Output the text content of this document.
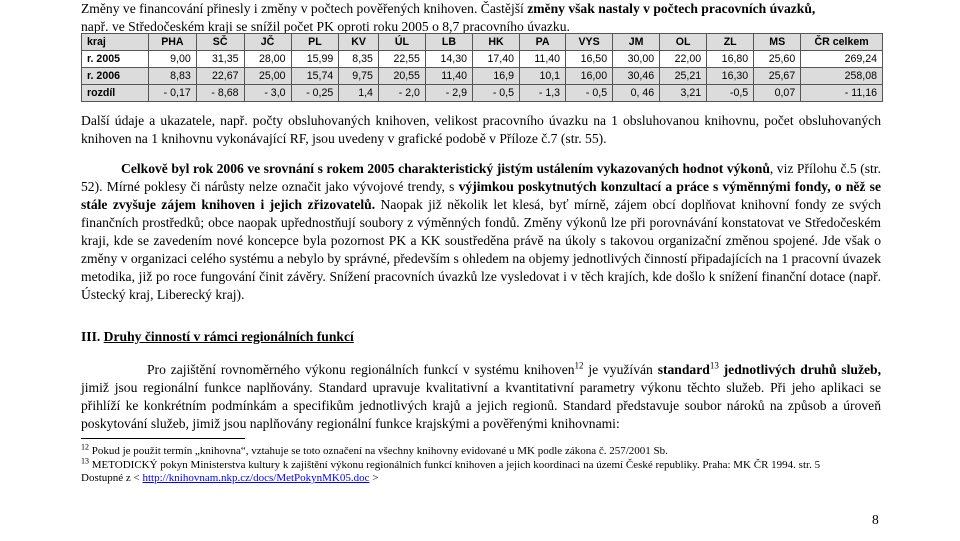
Změny ve financování přinesly i změny v počtech pověřených knihoven. Častější změny však nastaly v počtech pracovních úvazků,
např. ve Středočeském kraji se snížil počet PK oproti roku 2005 o 8,7 pracovního úvazku.
kraj	PHA	SČ	JČ	PL	KV	ÚL	LB	HK	PA	VYS	JM	OL	ZL	MS	ČR celkem
r. 2005	9,00	31,35	28,00	15,99	8,35	22,55	14,30	17,40	11,40	16,50	30,00	22,00	16,80	25,60	269,24
r. 2006	8,83	22,67	25,00	15,74	9,75	20,55	11,40	16,9	10,1	16,00	30,46	25,21	16,30	25,67	258,08
rozdíl	- 0,17	- 8,68	- 3,0	- 0,25	1,4	- 2,0	- 2,9	- 0,5	- 1,3	- 0,5	0, 46	3,21	-0,5	0,07	- 11,16
Další údaje a ukazatele, např. počty obsluhovaných knihoven, velikost pracovního úvazku na 1 obsluhovanou knihovnu, počet obsluhovaných knihoven na 1 knihovnu vykonávající RF, jsou uvedeny v grafické podobě v Příloze č.7 (str. 55).
Celkově byl rok 2006 ve srovnání s rokem 2005 charakteristický jistým ustálením vykazovaných hodnot výkonů, viz Přílohu č.5 (str. 52). Mírné poklesy či nárůsty nelze označit jako vývojové trendy, s výjimkou poskytnutých konzultací a práce s výměnnými fondy, o něž se stále zvyšuje zájem knihoven i jejich zřizovatelů. Naopak již několik let klesá, byť mírně, zájem obcí doplňovat knihovní fondy ze svých finančních prostředků; obce naopak upřednostňují soubory z výměnných fondů. Změny výkonů lze při porovnávání konstatovat ve Středočeském kraji, kde se zavedením nové koncepce byla pozornost PK a KK soustředěna právě na úkoly s takovou organizační změnou spojené. Jde však o změny v organizaci celého systému a nebylo by správné, především s ohledem na objemy jednotlivých činností připadajících na 1 pracovní úvazek metodika, již po roce fungování činit závěry. Snížení pracovních úvazků lze vysledovat i v těch krajích, kde došlo k snížení finanční dotace (např. Ústecký kraj, Liberecký kraj).
III. Druhy činností v rámci regionálních funkcí
Pro zajištění rovnoměrného výkonu regionálních funkcí v systému knihoven$^{12}$ je využíván standard$^{13}$ jednotlivých druhů služeb, jimiž jsou regionální funkce naplňovány. Standard upravuje kvalitativní a kvantitativní parametry výkonu těchto služeb. Při jeho aplikaci se přihlíží ke konkrétním podmínkám a specifikům jednotlivých krajů a jejich regionů. Standard představuje soubor nároků na způsob a úroveň poskytování služeb, jimiž jsou naplňovány regionální funkce krajskými a pověřenými knihovnami:
$^{12}$ Pokud je použit termín „knihovna“, vztahuje se toto označení na všechny knihovny evidované u MK podle zákona č. 257/2001 Sb.
$^{13}$ METODICKÝ pokyn Ministerstva kultury k zajištění výkonu regionálních funkcí knihoven a jejich koordinaci na území České republiky. Praha: MK ČR 1994. str. 5
Dostupné z < http://knihovnam.nkp.cz/docs/MetPokynMK05.doc >
8
